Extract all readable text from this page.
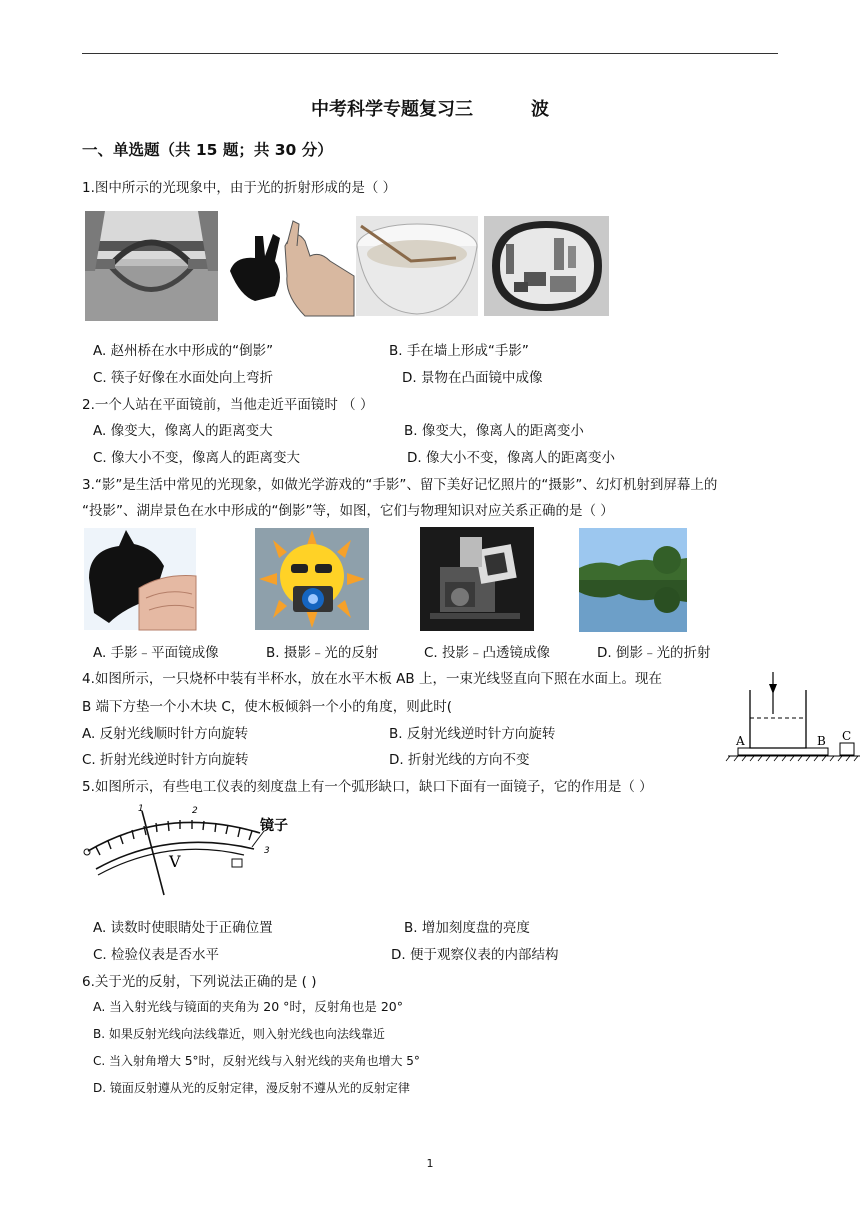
中考科学专题复习三	波
一、单选题（共 15 题；共 30 分）
1.图中所示的光现象中，由于光的折射形成的是（ ）
A. 赵州桥在水中形成的“倒影”	B. 手在墙上形成“手影”
C. 筷子好像在水面处向上弯折	D. 景物在凸面镜中成像
2.一个人站在平面镜前，当他走近平面镜时 （ ）
A. 像变大，像离人的距离变大	B. 像变大，像离人的距离变小
C. 像大小不变，像离人的距离变大	D. 像大小不变，像离人的距离变小
3.“影”是生活中常见的光现象，如做光学游戏的“手影”、留下美好记忆照片的“摄影”、幻灯机射到屏幕上的
“投影”、湖岸景色在水中形成的“倒影”等，如图，它们与物理知识对应关系正确的是（ ）
A. 手影﹣平面镜成像	B. 摄影﹣光的反射	C. 投影﹣凸透镜成像	D. 倒影﹣光的折射
4.如图所示，一只烧杯中装有半杯水，放在水平木板 AB 上，一束光线竖直向下照在水面上。现在
B 端下方垫一个小木块 C，使木板倾斜一个小的角度，则此时(
A. 反射光线顺时针方向旋转	B. 反射光线逆时针方向旋转
C. 折射光线逆时针方向旋转	D. 折射光线的方向不变
A	B C
5.如图所示，有些电工仪表的刻度盘上有一个弧形缺口，缺口下面有一面镜子，它的作用是（ ）
镜子
V
1	2
3
A. 读数时使眼睛处于正确位置	B. 增加刻度盘的亮度
C. 检验仪表是否水平	D. 便于观察仪表的内部结构
6.关于光的反射，下列说法正确的是 ( )
A. 当入射光线与镜面的夹角为 20 °时，反射角也是 20°
B. 如果反射光线向法线靠近，则入射光线也向法线靠近
C. 当入射角增大 5°时，反射光线与入射光线的夹角也增大 5°
D. 镜面反射遵从光的反射定律，漫反射不遵从光的反射定律
1
